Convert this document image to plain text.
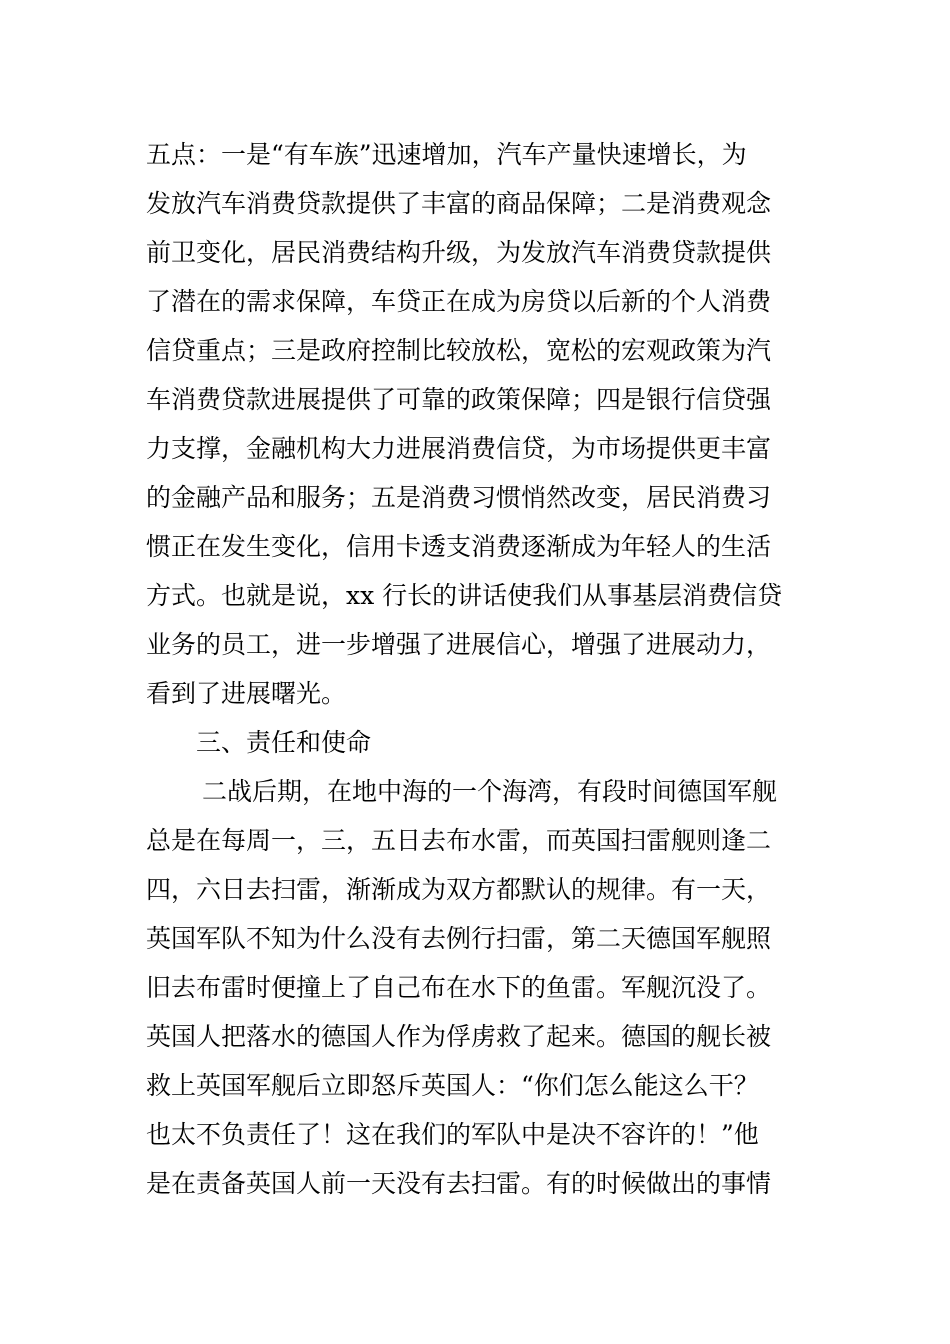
五点：一是“有车族”迅速增加，汽车产量快速增长，为
发放汽车消费贷款提供了丰富的商品保障；二是消费观念
前卫变化，居民消费结构升级，为发放汽车消费贷款提供
了潜在的需求保障，车贷正在成为房贷以后新的个人消费
信贷重点；三是政府控制比较放松，宽松的宏观政策为汽
车消费贷款进展提供了可靠的政策保障；四是银行信贷强
力支撑，金融机构大力进展消费信贷，为市场提供更丰富
的金融产品和服务；五是消费习惯悄然改变，居民消费习
惯正在发生变化，信用卡透支消费逐渐成为年轻人的生活
方式。也就是说，xx 行长的讲话使我们从事基层消费信贷
业务的员工，进一步增强了进展信心，增强了进展动力，
看到了进展曙光。
三、责任和使命
二战后期，在地中海的一个海湾，有段时间德国军舰
总是在每周一，三，五日去布水雷，而英国扫雷舰则逢二
四，六日去扫雷，渐渐成为双方都默认的规律。有一天，
英国军队不知为什么没有去例行扫雷，第二天德国军舰照
旧去布雷时便撞上了自己布在水下的鱼雷。军舰沉没了。
英国人把落水的德国人作为俘虏救了起来。德国的舰长被
救上英国军舰后立即怒斥英国人：“你们怎么能这么干？
也太不负责任了！这在我们的军队中是决不容许的！”他
是在责备英国人前一天没有去扫雷。有的时候做出的事情
